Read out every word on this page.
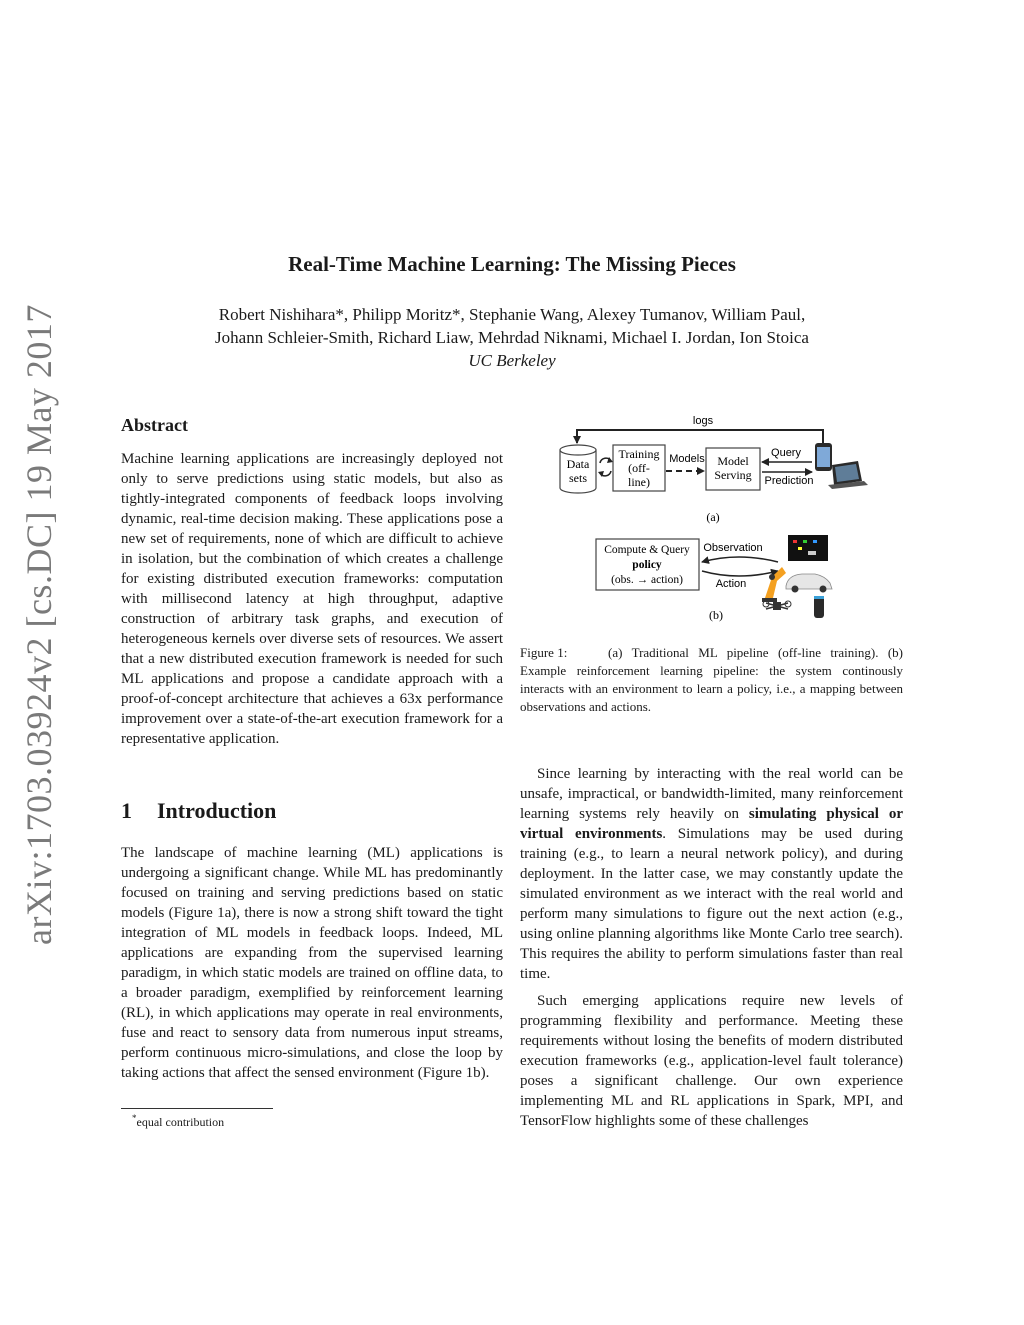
arXiv:1703.03924v2 [cs.DC] 19 May 2017
Real-Time Machine Learning: The Missing Pieces
Robert Nishihara*, Philipp Moritz*, Stephanie Wang, Alexey Tumanov, William Paul,
Johann Schleier-Smith, Richard Liaw, Mehrdad Niknami, Michael I. Jordan, Ion Stoica
UC Berkeley
Abstract

Machine learning applications are increasingly deployed not only to serve predictions using static models, but also as tightly-integrated components of feedback loops involving dynamic, real-time decision making. These applications pose a new set of requirements, none of which are difficult to achieve in isolation, but the combination of which creates a challenge for existing distributed execution frameworks: computation with millisecond latency at high throughput, adaptive construction of arbitrary task graphs, and execution of heterogeneous kernels over diverse sets of resources. We assert that a new distributed execution framework is needed for such ML applications and propose a candidate approach with a proof-of-concept architecture that achieves a 63x performance improvement over a state-of-the-art execution framework for a representative application.

1 Introduction

The landscape of machine learning (ML) applications is undergoing a significant change. While ML has predominantly focused on training and serving predictions based on static models (Figure 1a), there is now a strong shift toward the tight integration of ML models in feedback loops. Indeed, ML applications are expanding from the supervised learning paradigm, in which static models are trained on offline data, to a broader paradigm, exemplified by reinforcement learning (RL), in which applications may operate in real environments, fuse and react to sensory data from numerous input streams, perform continuous micro-simulations, and close the loop by taking actions that affect the sensed environment (Figure 1b).

*equal contribution
logs
Data
sets
Training
(off-
line)
Models Model
Serving
Query
Prediction
(a)
Compute & Query
policy
(obs. → action)
Observation
Action
(b)
Figure 1:	(a) Traditional ML pipeline (off-line training). (b) Example reinforcement learning pipeline: the system continously interacts with an environment to learn a policy, i.e., a mapping between observations and actions.

Since learning by interacting with the real world can be unsafe, impractical, or bandwidth-limited, many reinforcement learning systems rely heavily on simulating physical or virtual environments. Simulations may be used during training (e.g., to learn a neural network policy), and during deployment. In the latter case, we may constantly update the simulated environment as we interact with the real world and perform many simulations to figure out the next action (e.g., using online planning algorithms like Monte Carlo tree search). This requires the ability to perform simulations faster than real time.

Such emerging applications require new levels of programming flexibility and performance. Meeting these requirements without losing the benefits of modern distributed execution frameworks (e.g., application-level fault tolerance) poses a significant challenge. Our own experience implementing ML and RL applications in Spark, MPI, and TensorFlow highlights some of these challenges
